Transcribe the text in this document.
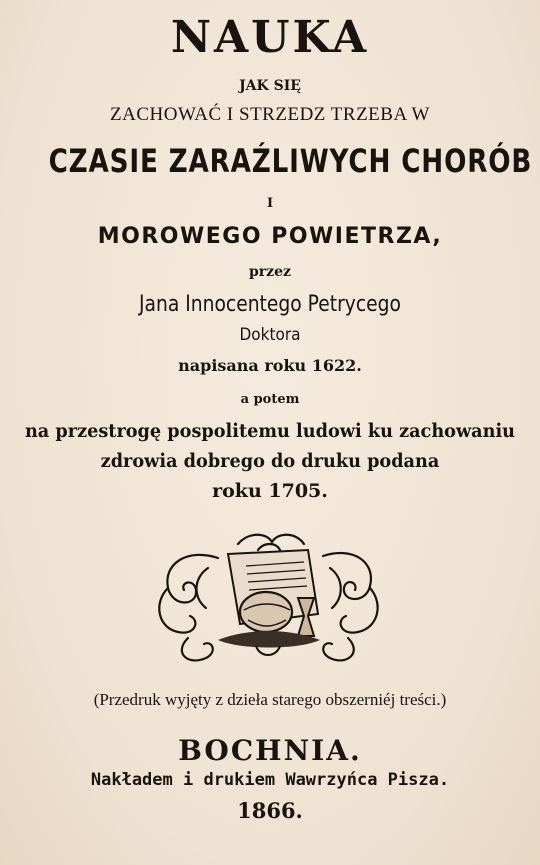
NAUKA
JAK SIĘ
ZACHOWAĆ I STRZEDZ TRZEBA W
CZASIE ZARAŹLIWYCH CHORÓB
I
MOROWEGO POWIETRZA,
przez
Jana Innocentego Petrycego
Doktora
napisana roku 1622.
a potem
na przestrogę pospolitemu ludowi ku zachowaniu
zdrowia dobrego do druku podana
roku 1705.
(Przedruk wyjęty z dzieła starego obszerniéj treści.)
BOCHNIA.
Nakładem i drukiem Wawrzyńca Pisza.
1866.
